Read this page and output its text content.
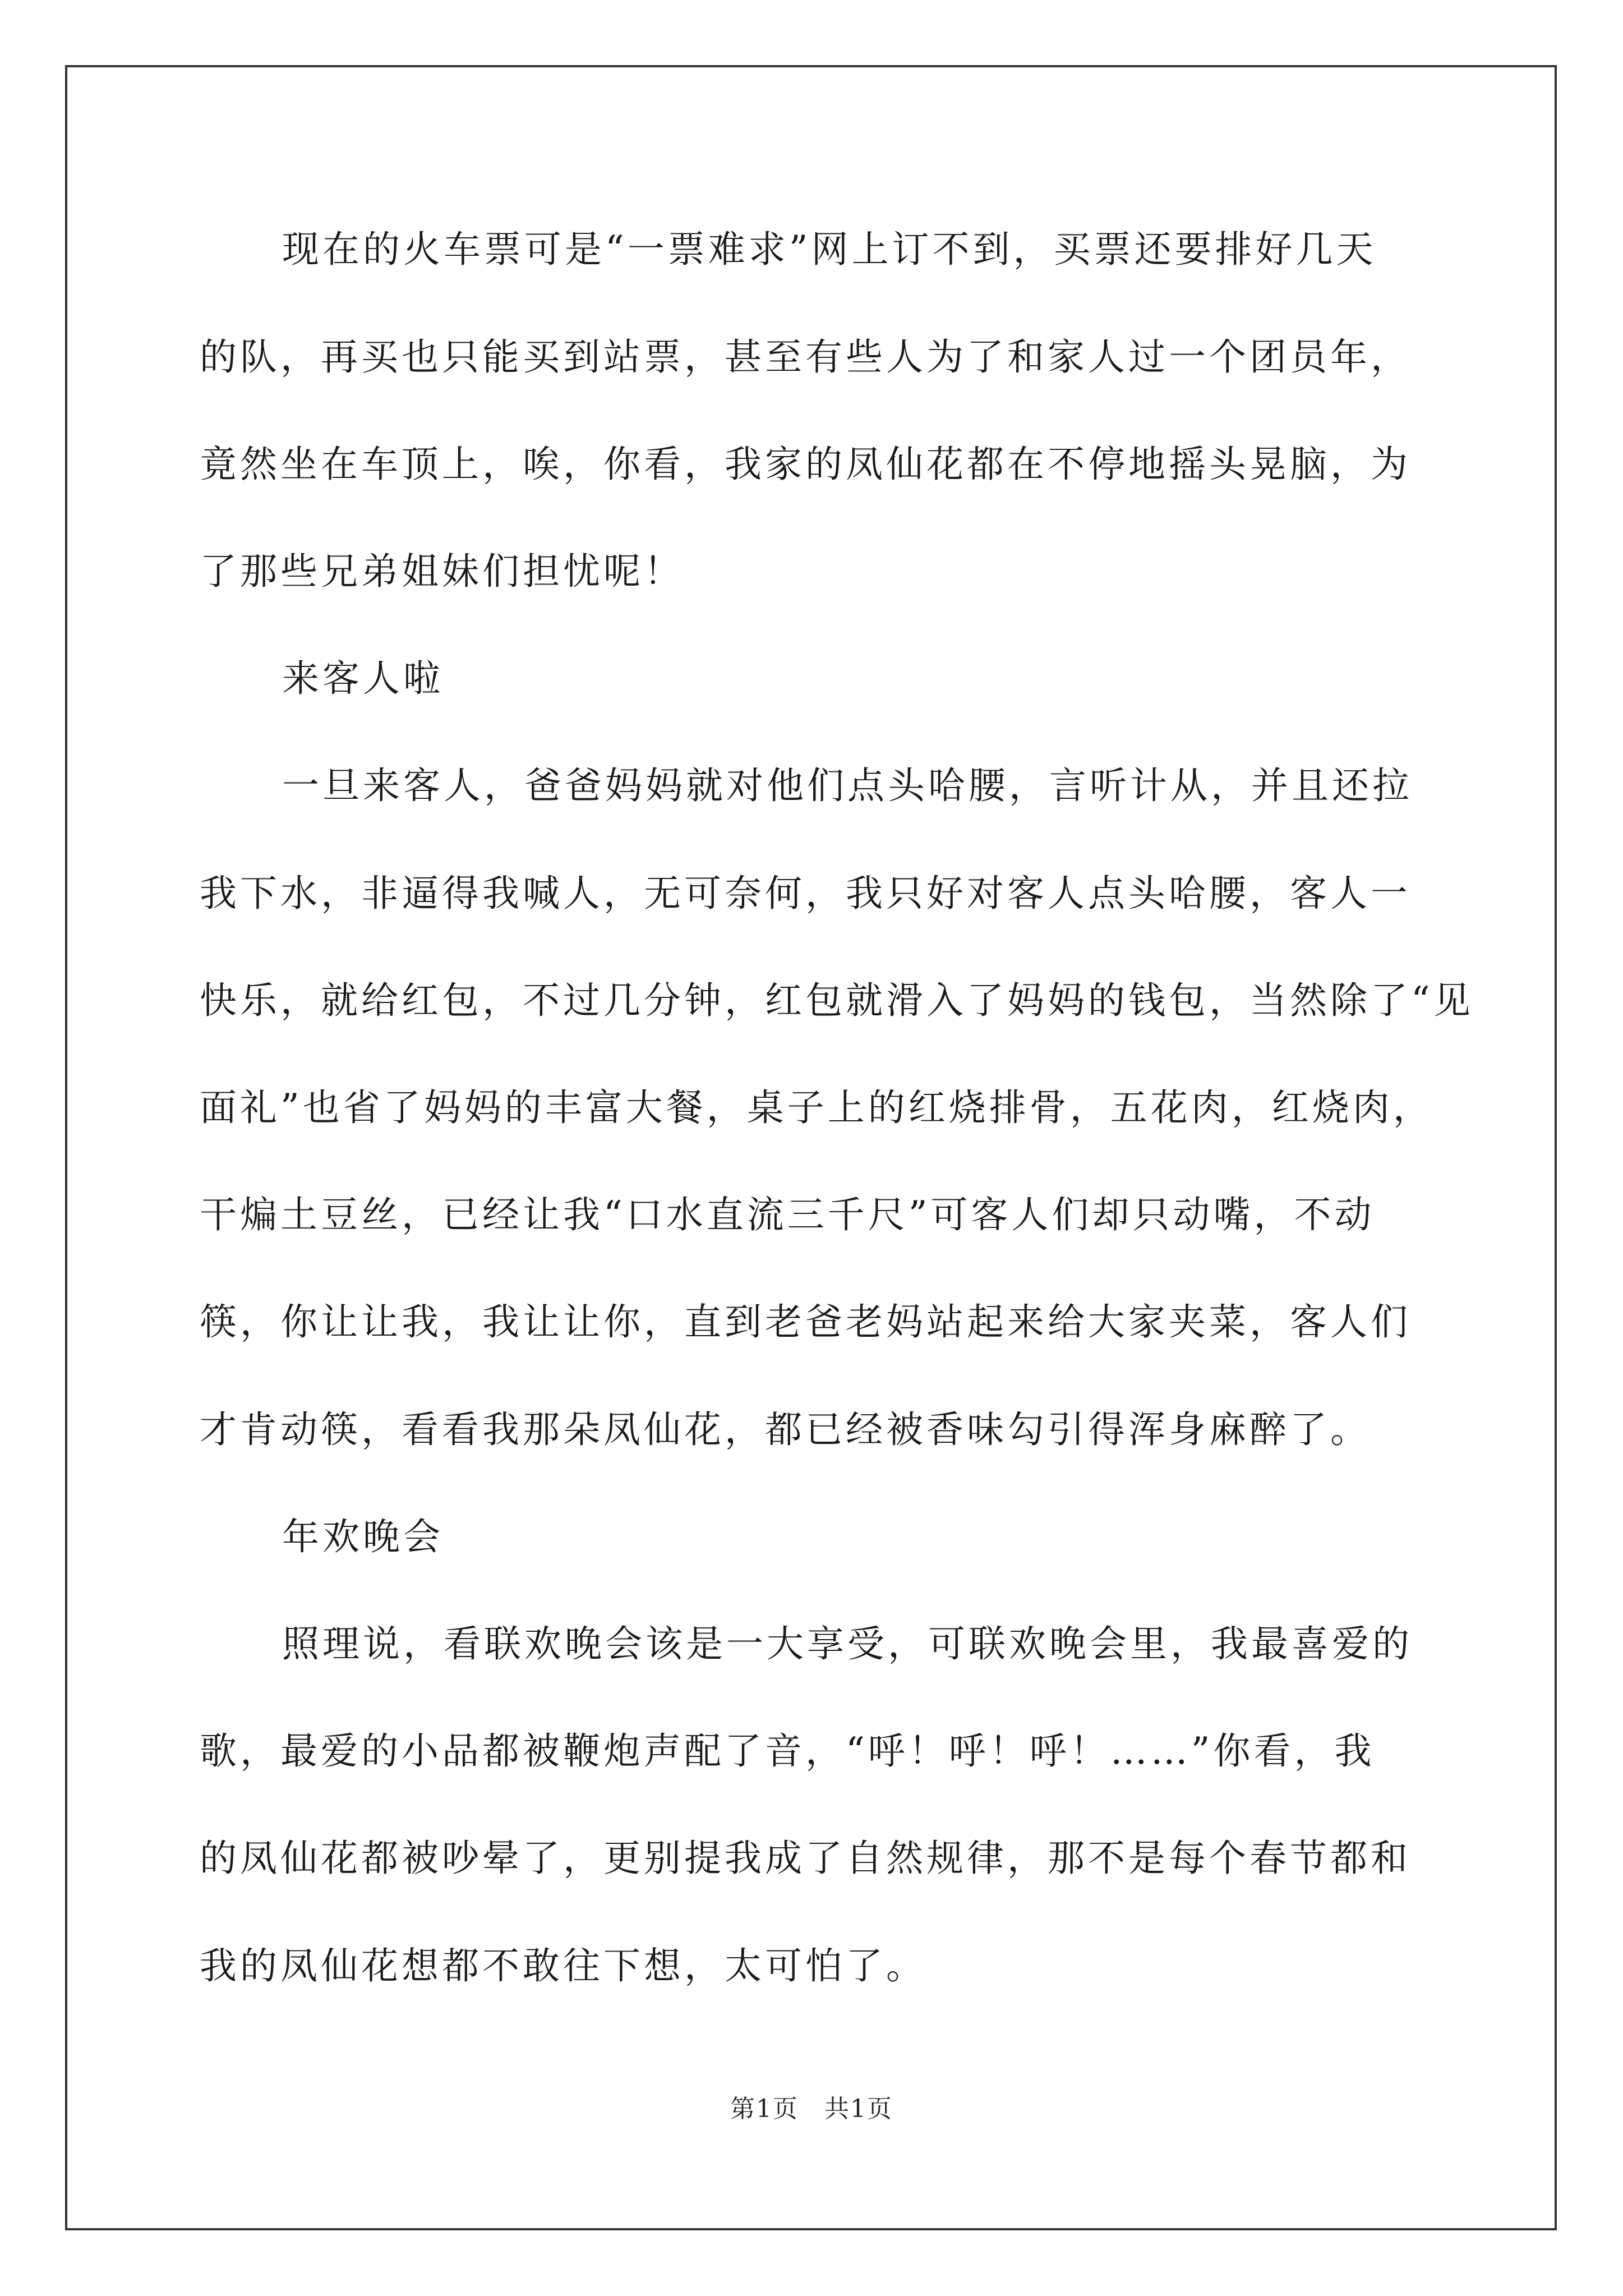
现在的火车票可是“一票难求”网上订不到，买票还要排好几天
的队，再买也只能买到站票，甚至有些人为了和家人过一个团员年，
竟然坐在车顶上，唉，你看，我家的凤仙花都在不停地摇头晃脑，为
了那些兄弟姐妹们担忧呢！
来客人啦
一旦来客人，爸爸妈妈就对他们点头哈腰，言听计从，并且还拉
我下水，非逼得我喊人，无可奈何，我只好对客人点头哈腰，客人一
快乐，就给红包，不过几分钟，红包就滑入了妈妈的钱包，当然除了“见
面礼”也省了妈妈的丰富大餐，桌子上的红烧排骨，五花肉，红烧肉，
干煸土豆丝，已经让我“口水直流三千尺”可客人们却只动嘴，不动
筷，你让让我，我让让你，直到老爸老妈站起来给大家夹菜，客人们
才肯动筷，看看我那朵凤仙花，都已经被香味勾引得浑身麻醉了。
年欢晚会
照理说，看联欢晚会该是一大享受，可联欢晚会里，我最喜爱的
歌，最爱的小品都被鞭炮声配了音，“呼！呼！呼！……”你看，我
的凤仙花都被吵晕了，更别提我成了自然规律，那不是每个春节都和
我的凤仙花想都不敢往下想，太可怕了。
第1页　共1页
